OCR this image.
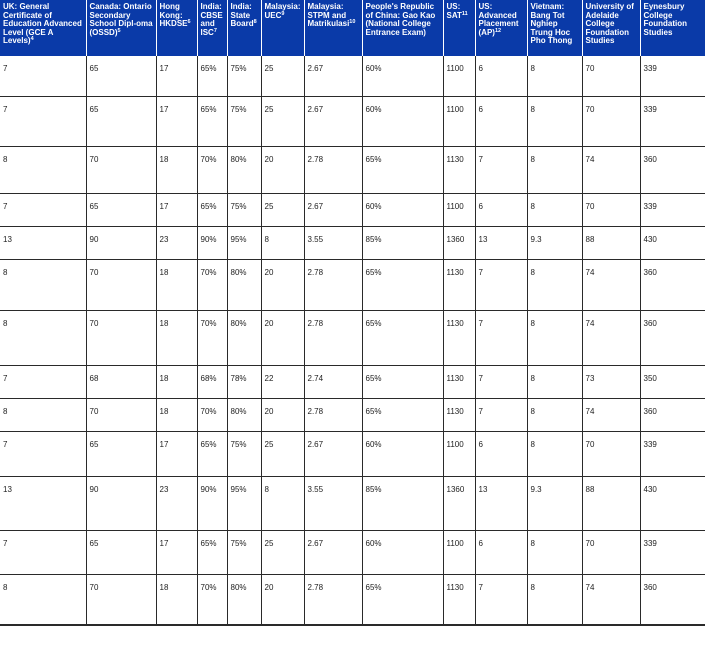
UK: General Certificate of Education Advanced Level (GCE A Levels)$^4$	Canada: Ontario Secondary School Dipl-oma (OSSD)$^5$	Hong Kong: HKDSE$^6$	India: CBSE and ISC$^7$	India: State Board$^8$	Malaysia: UEC$^9$	Malaysia: STPM and Matrikulasi$^{10}$	People's Republic of China: Gao Kao (National College Entrance Exam)	US: SAT$^{11}$	US: Advanced Placement (AP)$^{12}$	Vietnam: Bang Tot Nghiep Trung Hoc Pho Thong	University of Adelaide College Foundation Studies	Eynesbury College Foundation Studies
7	65	17	65%	75%	25	2.67	60%	1100	6	8	70	339
7	65	17	65%	75%	25	2.67	60%	1100	6	8	70	339
8	70	18	70%	80%	20	2.78	65%	1130	7	8	74	360
7	65	17	65%	75%	25	2.67	60%	1100	6	8	70	339
13	90	23	90%	95%	8	3.55	85%	1360	13	9.3	88	430
8	70	18	70%	80%	20	2.78	65%	1130	7	8	74	360
8	70	18	70%	80%	20	2.78	65%	1130	7	8	74	360
7	68	18	68%	78%	22	2.74	65%	1130	7	8	73	350
8	70	18	70%	80%	20	2.78	65%	1130	7	8	74	360
7	65	17	65%	75%	25	2.67	60%	1100	6	8	70	339
13	90	23	90%	95%	8	3.55	85%	1360	13	9.3	88	430
7	65	17	65%	75%	25	2.67	60%	1100	6	8	70	339
8	70	18	70%	80%	20	2.78	65%	1130	7	8	74	360
